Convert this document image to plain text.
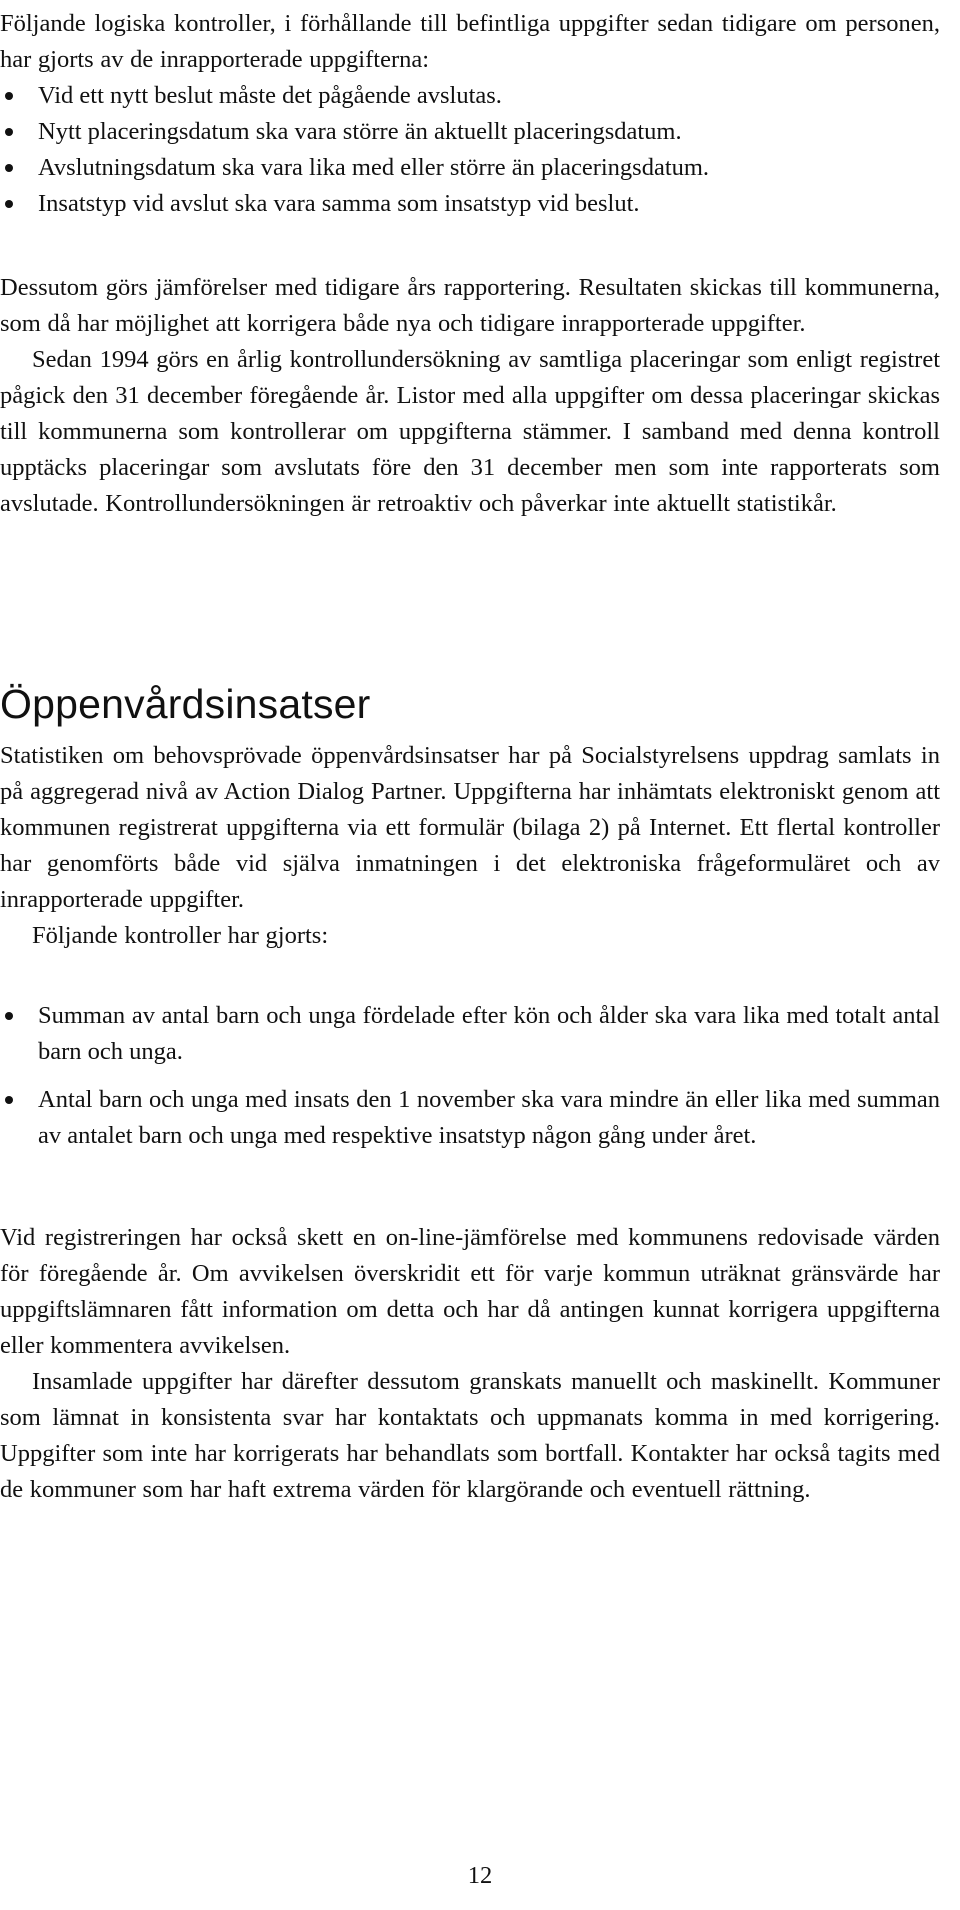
Följande logiska kontroller, i förhållande till befintliga uppgifter sedan tidigare om personen, har gjorts av de inrapporterade uppgifterna:

Vid ett nytt beslut måste det pågående avslutas.
Nytt placeringsdatum ska vara större än aktuellt placeringsdatum.
Avslutningsdatum ska vara lika med eller större än placeringsdatum.
Insatstyp vid avslut ska vara samma som insatstyp vid beslut.

Dessutom görs jämförelser med tidigare års rapportering. Resultaten skickas till kommunerna, som då har möjlighet att korrigera både nya och tidigare inrapporterade uppgifter.

Sedan 1994 görs en årlig kontrollundersökning av samtliga placeringar som enligt registret pågick den 31 december föregående år. Listor med alla uppgifter om dessa placeringar skickas till kommunerna som kontrollerar om uppgifterna stämmer. I samband med denna kontroll upptäcks placeringar som avslutats före den 31 december men som inte rapporterats som avslutade. Kontrollundersökningen är retroaktiv och påverkar inte aktuellt statistikår.

Öppenvårdsinsatser

Statistiken om behovsprövade öppenvårdsinsatser har på Socialstyrelsens uppdrag samlats in på aggregerad nivå av Action Dialog Partner. Uppgifterna har inhämtats elektroniskt genom att kommunen registrerat uppgifterna via ett formulär (bilaga 2) på Internet. Ett flertal kontroller har genomförts både vid själva inmatningen i det elektroniska frågeformuläret och av inrapporterade uppgifter.

Följande kontroller har gjorts:

Summan av antal barn och unga fördelade efter kön och ålder ska vara lika med totalt antal barn och unga.
Antal barn och unga med insats den 1 november ska vara mindre än eller lika med summan av antalet barn och unga med respektive insatstyp någon gång under året.

Vid registreringen har också skett en on-line-jämförelse med kommunens redovisade värden för föregående år. Om avvikelsen överskridit ett för varje kommun uträknat gränsvärde har uppgiftslämnaren fått information om detta och har då antingen kunnat korrigera uppgifterna eller kommentera avvikelsen.

Insamlade uppgifter har därefter dessutom granskats manuellt och maskinellt. Kommuner som lämnat in konsistenta svar har kontaktats och uppmanats komma in med korrigering. Uppgifter som inte har korrigerats har behandlats som bortfall. Kontakter har också tagits med de kommuner som har haft extrema värden för klargörande och eventuell rättning.

12
